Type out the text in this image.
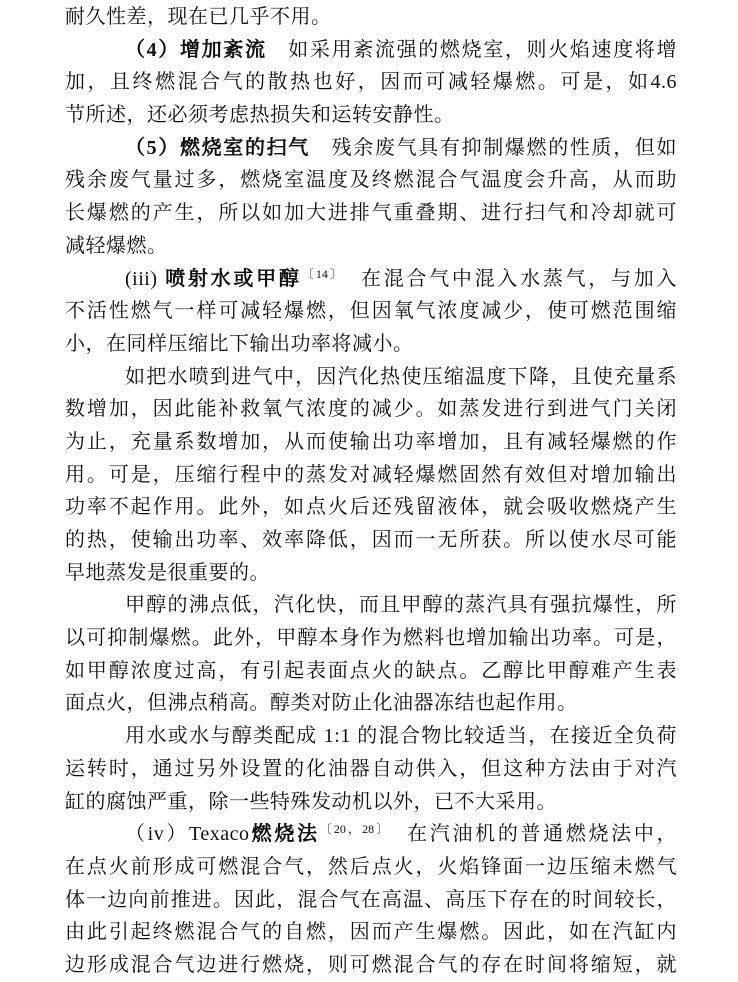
耐久性差，现在已几乎不用。
（4）增加紊流　如采用紊流强的燃烧室，则火焰速度将增
加，且终燃混合气的散热也好，因而可减轻爆燃。可是，如4.6
节所述，还必须考虑热损失和运转安静性。
（5）燃烧室的扫气　残余废气具有抑制爆燃的性质，但如
残余废气量过多，燃烧室温度及终燃混合气温度会升高，从而助
长爆燃的产生，所以如加大进排气重叠期、进行扫气和冷却就可
减轻爆燃。
(iii) 喷射水或甲醇$^{〔14〕}$　在混合气中混入水蒸气，与加入
不活性燃气一样可减轻爆燃，但因氧气浓度减少，使可燃范围缩
小，在同样压缩比下输出功率将减小。
如把水喷到进气中，因汽化热使压缩温度下降，且使充量系
数增加，因此能补救氧气浓度的减少。如蒸发进行到进气门关闭
为止，充量系数增加，从而使输出功率增加，且有减轻爆燃的作
用。可是，压缩行程中的蒸发对减轻爆燃固然有效但对增加输出
功率不起作用。此外，如点火后还残留液体，就会吸收燃烧产生
的热，使输出功率、效率降低，因而一无所获。所以使水尽可能
早地蒸发是很重要的。
甲醇的沸点低，汽化快，而且甲醇的蒸汽具有强抗爆性，所
以可抑制爆燃。此外，甲醇本身作为燃料也增加输出功率。可是，
如甲醇浓度过高，有引起表面点火的缺点。乙醇比甲醇难产生表
面点火，但沸点稍高。醇类对防止化油器冻结也起作用。
用水或水与醇类配成 1:1 的混合物比较适当，在接近全负荷
运转时，通过另外设置的化油器自动供入，但这种方法由于对汽
缸的腐蚀严重，除一些特殊发动机以外，已不大采用。
（iv）Texaco燃烧法$^{〔20,28〕}$　在汽油机的普通燃烧法中，
在点火前形成可燃混合气，然后点火，火焰锋面一边压缩未燃气
体一边向前推进。因此，混合气在高温、高压下存在的时间较长，
由此引起终燃混合气的自燃，因而产生爆燃。因此，如在汽缸内
边形成混合气边进行燃烧，则可燃混合气的存在时间将缩短，就
